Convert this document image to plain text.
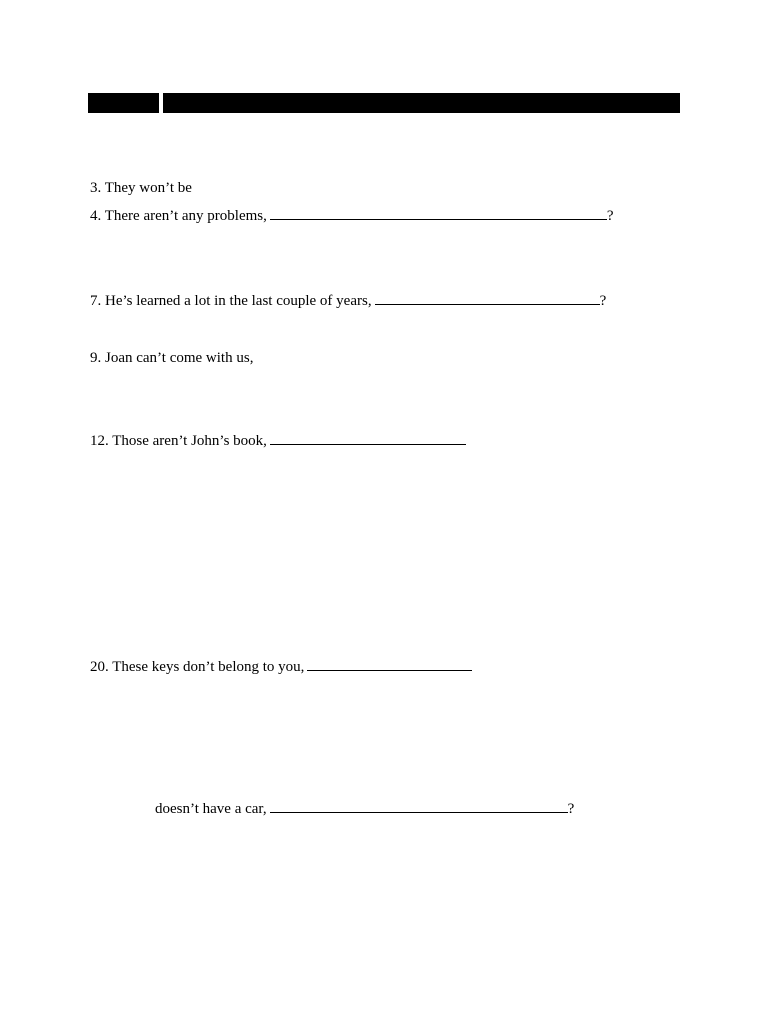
3. They won’t be
4. There aren’t any problems,	?
7. He’s learned a lot in the last couple of years,	?
9. Joan can’t come with us,
12. Those aren’t John’s book,
20. These keys don’t belong to you,
doesn’t have a car,	?
